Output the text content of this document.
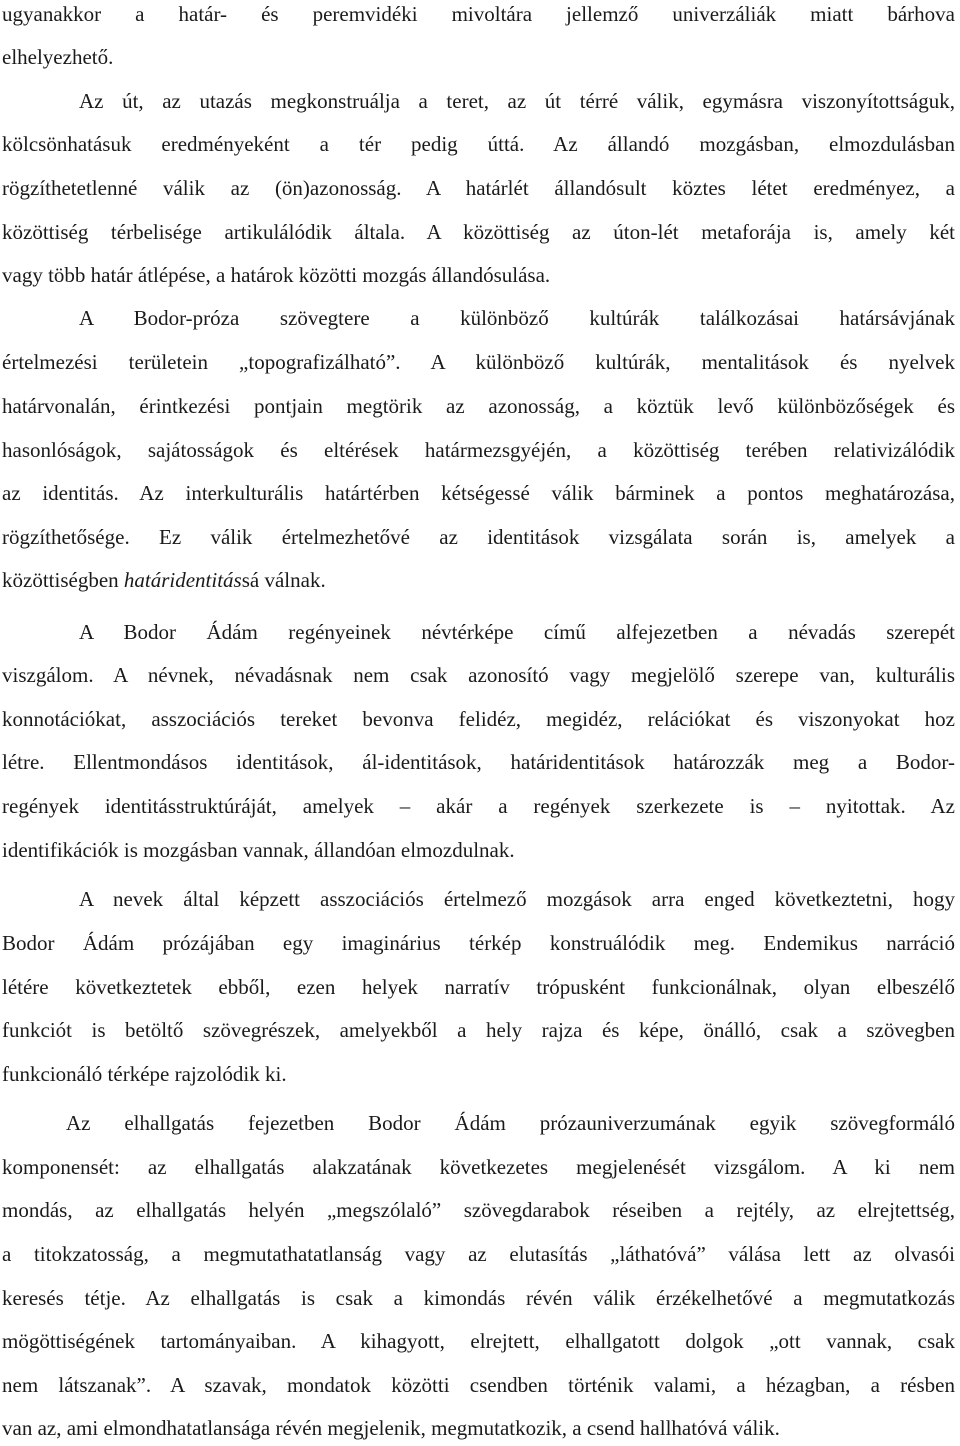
ugyanakkor a határ- és peremvidéki mivoltára jellemző univerzáliák miatt bárhova
elhelyezhető.
Az út, az utazás megkonstruálja a teret, az út térré válik, egymásra viszonyítottságuk,
kölcsönhatásuk eredményeként a tér pedig úttá. Az állandó mozgásban, elmozdulásban
rögzíthetetlenné válik az (ön)azonosság. A határlét állandósult köztes létet eredményez, a
közöttiség térbelisége artikulálódik általa. A közöttiség az úton-lét metaforája is, amely két
vagy több határ átlépése, a határok közötti mozgás állandósulása.
A Bodor-próza szövegtere a különböző kultúrák találkozásai határsávjának
értelmezési területein „topografizálható”. A különböző kultúrák, mentalitások és nyelvek
határvonalán, érintkezési pontjain megtörik az azonosság, a köztük levő különbözőségek és
hasonlóságok, sajátosságok és eltérések határmezsgyéjén, a közöttiség terében relativizálódik
az identitás. Az interkulturális határtérben kétségessé válik bárminek a pontos meghatározása,
rögzíthetősége. Ez válik értelmezhetővé az identitások vizsgálata során is, amelyek a
közöttiségben határidentitássá válnak.
A Bodor Ádám regényeinek névtérképe című alfejezetben a névadás szerepét
viszgálom. A névnek, névadásnak nem csak azonosító vagy megjelölő szerepe van, kulturális
konnotációkat, asszociációs tereket bevonva felidéz, megidéz, relációkat és viszonyokat hoz
létre. Ellentmondásos identitások, ál-identitások, határidentitások határozzák meg a Bodor-
regények identitásstruktúráját, amelyek – akár a regények szerkezete is – nyitottak. Az
identifikációk is mozgásban vannak, állandóan elmozdulnak.
A nevek által képzett asszociációs értelmező mozgások arra enged következtetni, hogy
Bodor Ádám prózájában egy imaginárius térkép konstruálódik meg. Endemikus narráció
létére következtetek ebből, ezen helyek narratív trópusként funkcionálnak, olyan elbeszélő
funkciót is betöltő szövegrészek, amelyekből a hely rajza és képe, önálló, csak a szövegben
funkcionáló térképe rajzolódik ki.
Az elhallgatás fejezetben Bodor Ádám prózauniverzumának egyik szövegformáló
komponensét: az elhallgatás alakzatának következetes megjelenését vizsgálom. A ki nem
mondás, az elhallgatás helyén „megszólaló” szövegdarabok réseiben a rejtély, az elrejtettség,
a titokzatosság, a megmutathatatlanság vagy az elutasítás „láthatóvá” válása lett az olvasói
keresés tétje. Az elhallgatás is csak a kimondás révén válik érzékelhetővé a megmutatkozás
mögöttiségének tartományaiban. A kihagyott, elrejtett, elhallgatott dolgok „ott vannak, csak
nem látszanak”. A szavak, mondatok közötti csendben történik valami, a hézagban, a résben
van az, ami elmondhatatlansága révén megjelenik, megmutatkozik, a csend hallhatóvá válik.
